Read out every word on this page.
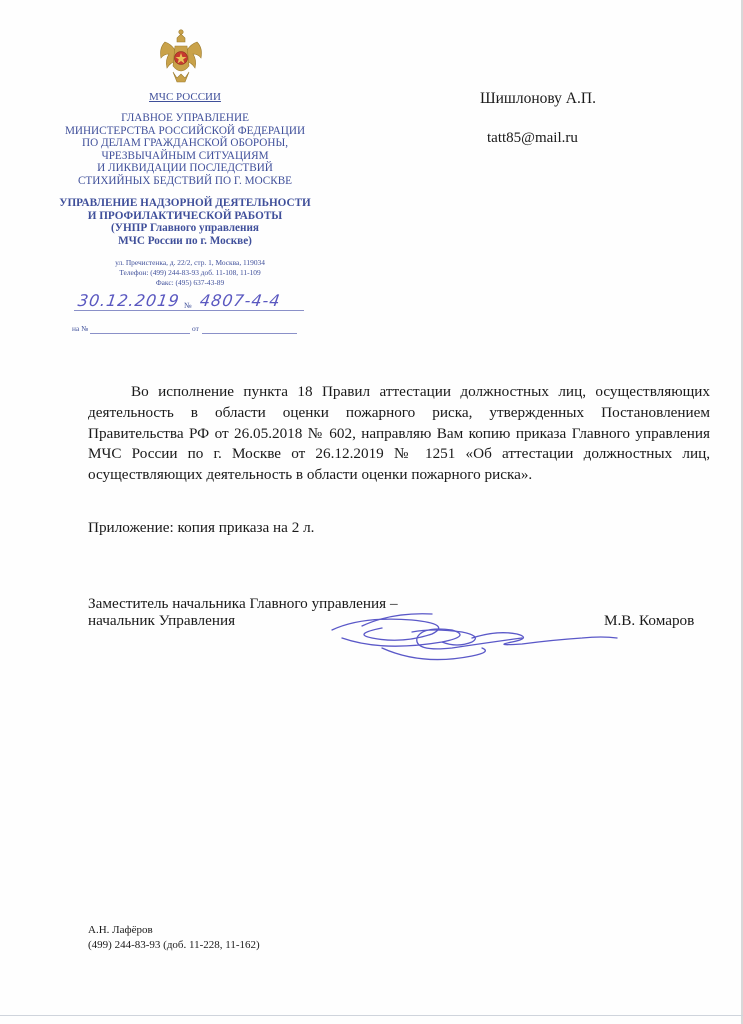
МЧС РОССИИ
ГЛАВНОЕ УПРАВЛЕНИЕ
МИНИСТЕРСТВА РОССИЙСКОЙ ФЕДЕРАЦИИ
ПО ДЕЛАМ ГРАЖДАНСКОЙ ОБОРОНЫ,
ЧРЕЗВЫЧАЙНЫМ СИТУАЦИЯМ
И ЛИКВИДАЦИИ ПОСЛЕДСТВИЙ
СТИХИЙНЫХ БЕДСТВИЙ ПО Г. МОСКВЕ
УПРАВЛЕНИЕ НАДЗОРНОЙ ДЕЯТЕЛЬНОСТИ
И ПРОФИЛАКТИЧЕСКОЙ РАБОТЫ
(УНПР Главного управления
МЧС России по г. Москве)
ул. Пречистенка, д. 22/2, стр. 1, Москва, 119034
Телефон: (499) 244-83-93 доб. 11-108, 11-109
Факс: (495) 637-43-89
30.12.2019 № 4807-4-4
на №	от
Шишлонову А.П.
tatt85@mail.ru
Во исполнение пункта 18 Правил аттестации должностных лиц, осуществляющих деятельность в области оценки пожарного риска, утвержденных Постановлением Правительства РФ от 26.05.2018 № 602, направляю Вам копию приказа Главного управления МЧС России по г. Москве от 26.12.2019 № 1251 «Об аттестации должностных лиц, осуществляющих деятельность в области оценки пожарного риска».
Приложение: копия приказа на 2 л.
Заместитель начальника Главного управления –
начальник Управления	М.В. Комаров
А.Н. Лафёров
(499) 244-83-93 (доб. 11-228, 11-162)
